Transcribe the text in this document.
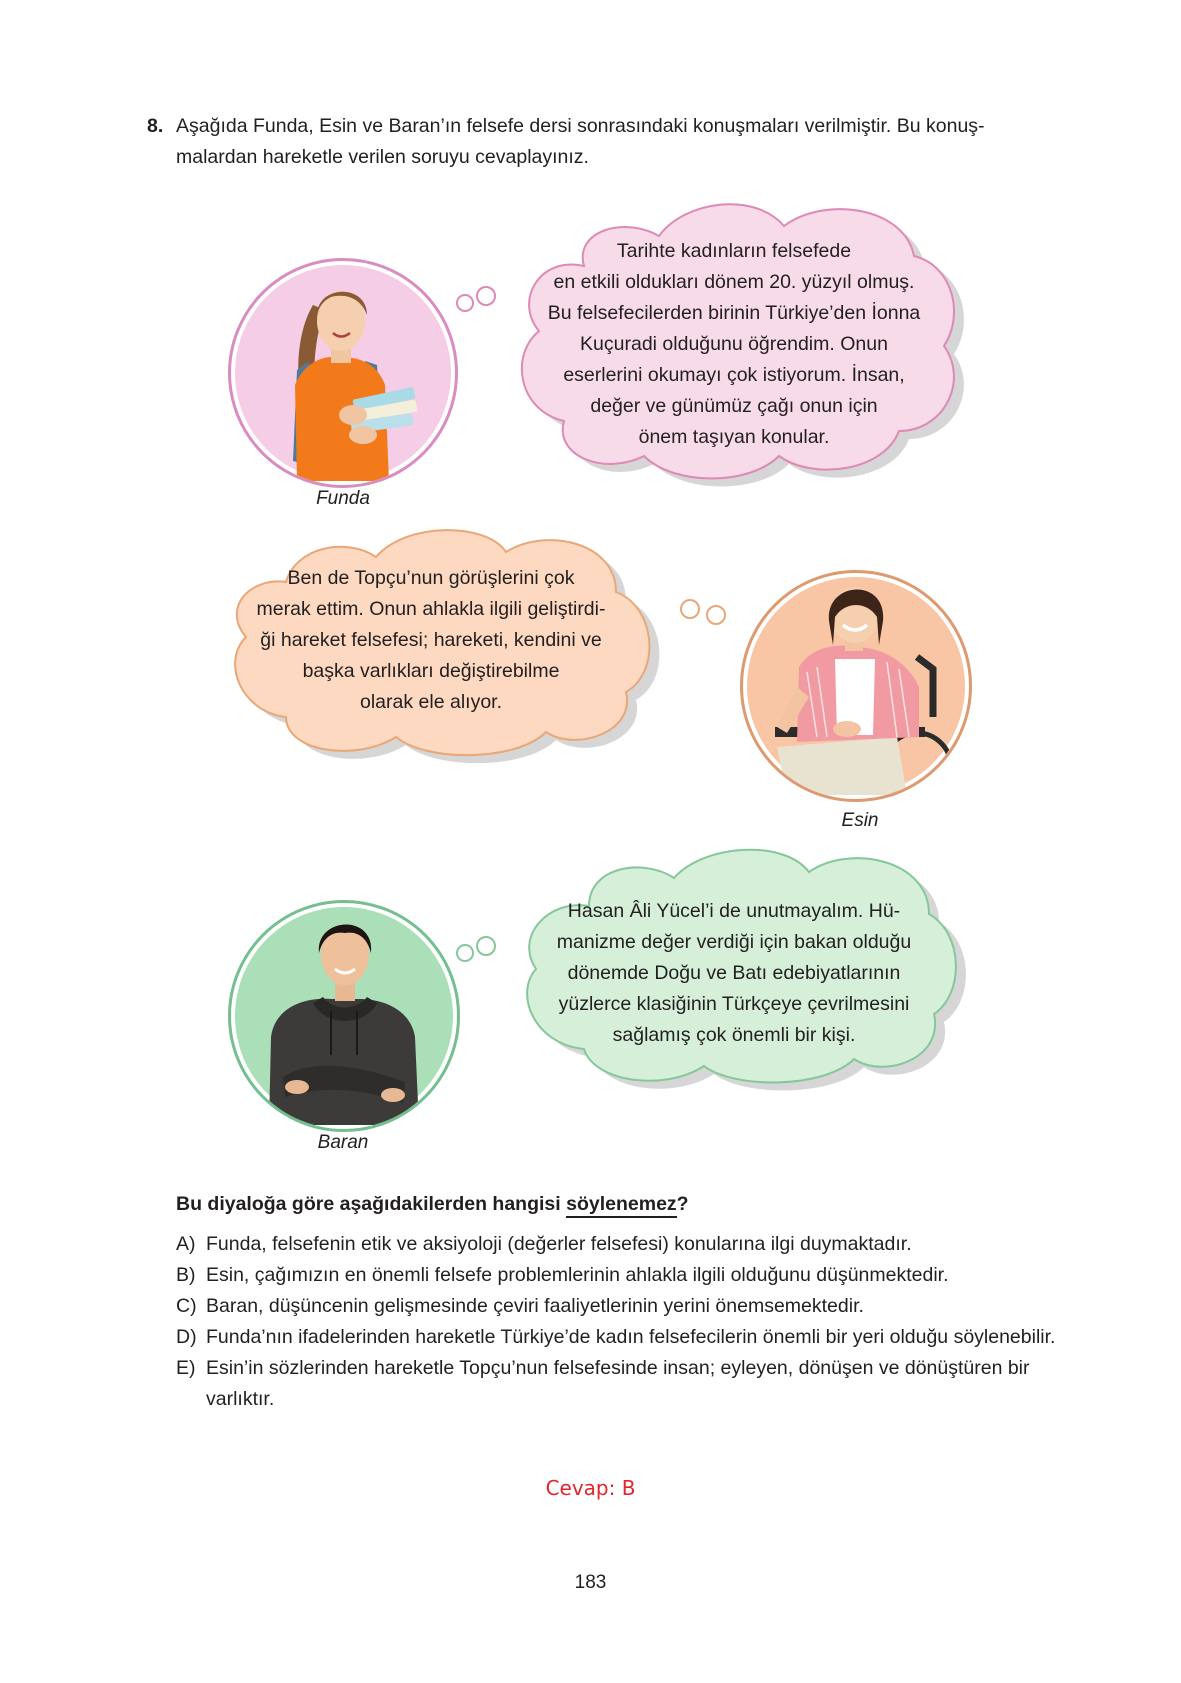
8. Aşağıda Funda, Esin ve Baran’ın felsefe dersi sonrasındaki konuşmaları verilmiştir. Bu konuş-
malardan hareketle verilen soruyu cevaplayınız.
Funda
Tarihte kadınların felsefede
en etkili oldukları dönem 20. yüzyıl olmuş.
Bu felsefecilerden birinin Türkiye’den İonna
Kuçuradi olduğunu öğrendim. Onun
eserlerini okumayı çok istiyorum. İnsan,
değer ve günümüz çağı onun için
önem taşıyan konular.
Ben de Topçu’nun görüşlerini çok
merak ettim. Onun ahlakla ilgili geliştirdi-
ği hareket felsefesi; hareketi, kendini ve
başka varlıkları değiştirebilme
olarak ele alıyor.
Esin
Baran
Hasan Âli Yücel’i de unutmayalım. Hü-
manizme değer verdiği için bakan olduğu
dönemde Doğu ve Batı edebiyatlarının
yüzlerce klasiğinin Türkçeye çevrilmesini
sağlamış çok önemli bir kişi.
Bu diyaloğa göre aşağıdakilerden hangisi söylenemez?
A) Funda, felsefenin etik ve aksiyoloji (değerler felsefesi) konularına ilgi duymaktadır.
B) Esin, çağımızın en önemli felsefe problemlerinin ahlakla ilgili olduğunu düşünmektedir.
C) Baran, düşüncenin gelişmesinde çeviri faaliyetlerinin yerini önemsemektedir.
D) Funda’nın ifadelerinden hareketle Türkiye’de kadın felsefecilerin önemli bir yeri olduğu söylenebilir.
E) Esin’in sözlerinden hareketle Topçu’nun felsefesinde insan; eyleyen, dönüşen ve dönüştüren bir varlıktır.
Cevap: B
183
